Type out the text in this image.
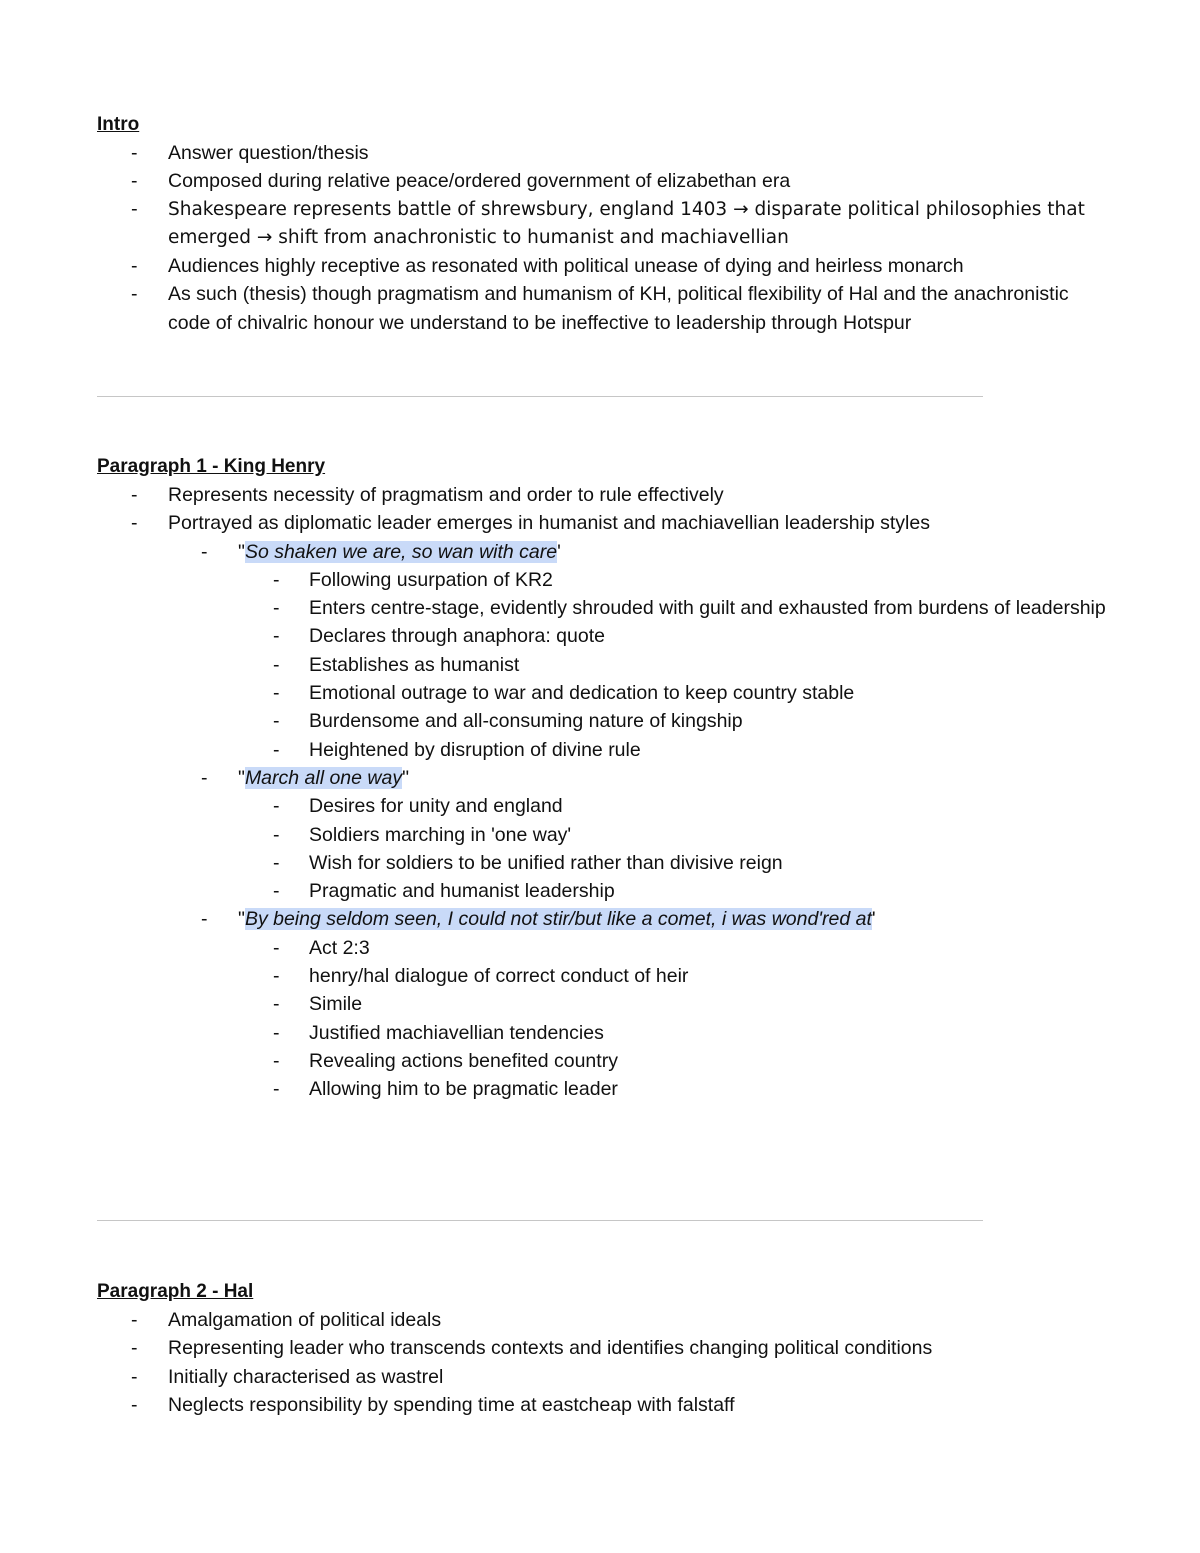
Intro
- Answer question/thesis
- Composed during relative peace/ordered government of elizabethan era
- Shakespeare represents battle of shrewsbury, england 1403 → disparate political philosophies that emerged → shift from anachronistic to humanist and machiavellian
- Audiences highly receptive as resonated with political unease of dying and heirless monarch
- As such (thesis) though pragmatism and humanism of KH, political flexibility of Hal and the anachronistic code of chivalric honour we understand to be ineffective to leadership through Hotspur
Paragraph 1 - King Henry
- Represents necessity of pragmatism and order to rule effectively
- Portrayed as diplomatic leader emerges in humanist and machiavellian leadership styles
- "So shaken we are, so wan with care'
- Following usurpation of KR2
- Enters centre-stage, evidently shrouded with guilt and exhausted from burdens of leadership
- Declares through anaphora: quote
- Establishes as humanist
- Emotional outrage to war and dedication to keep country stable
- Burdensome and all-consuming nature of kingship
- Heightened by disruption of divine rule
- "March all one way"
- Desires for unity and england
- Soldiers marching in 'one way'
- Wish for soldiers to be unified rather than divisive reign
- Pragmatic and humanist leadership
- "By being seldom seen, I could not stir/but like a comet, i was wond'red at'
- Act 2:3
- henry/hal dialogue of correct conduct of heir
- Simile
- Justified machiavellian tendencies
- Revealing actions benefited country
- Allowing him to be pragmatic leader
Paragraph 2 - Hal
- Amalgamation of political ideals
- Representing leader who transcends contexts and identifies changing political conditions
- Initially characterised as wastrel
- Neglects responsibility by spending time at eastcheap with falstaff
